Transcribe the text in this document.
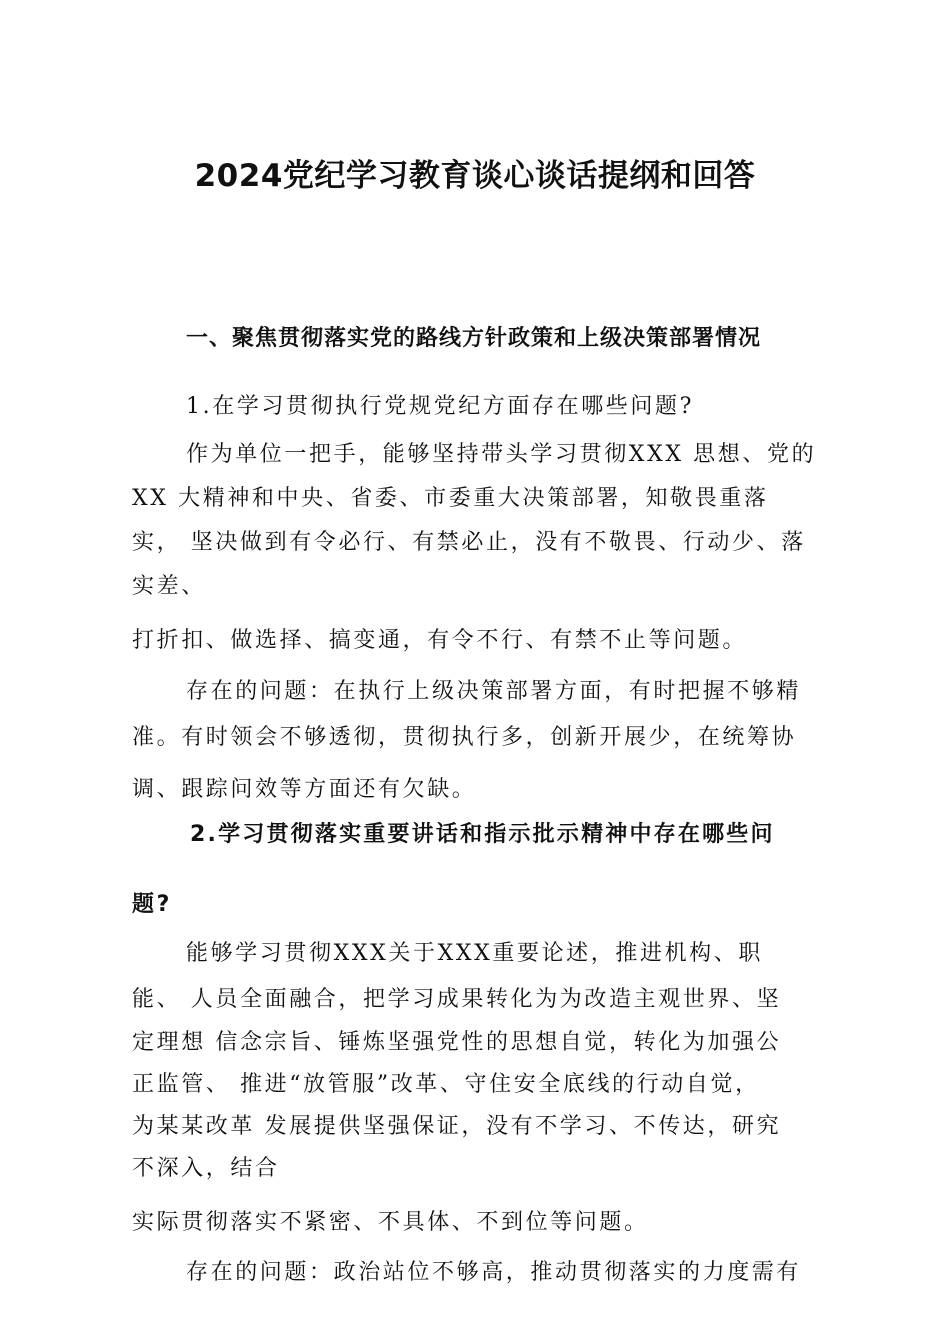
2024党纪学习教育谈心谈话提纲和回答
一、聚焦贯彻落实党的路线方针政策和上级决策部署情况
1.在学习贯彻执行党规党纪方面存在哪些问题?
作为单位一把手，能够坚持带头学习贯彻XXX 思想、党的
XX 大精神和中央、省委、市委重大决策部署，知敬畏重落
实， 坚决做到有令必行、有禁必止，没有不敬畏、行动少、落
实差、
打折扣、做选择、搞变通，有令不行、有禁不止等问题。
存在的问题：在执行上级决策部署方面，有时把握不够精
准。有时领会不够透彻，贯彻执行多，创新开展少，在统筹协
调、跟踪问效等方面还有欠缺。
2.学习贯彻落实重要讲话和指示批示精神中存在哪些问
题?
能够学习贯彻XXX关于XXX重要论述，推进机构、职
能、 人员全面融合，把学习成果转化为为改造主观世界、坚
定理想 信念宗旨、锤炼坚强党性的思想自觉，转化为加强公
正监管、 推进“放管服”改革、守住安全底线的行动自觉，
为某某改革 发展提供坚强保证，没有不学习、不传达，研究
不深入，结合
实际贯彻落实不紧密、不具体、不到位等问题。
存在的问题：政治站位不够高，推动贯彻落实的力度需有
